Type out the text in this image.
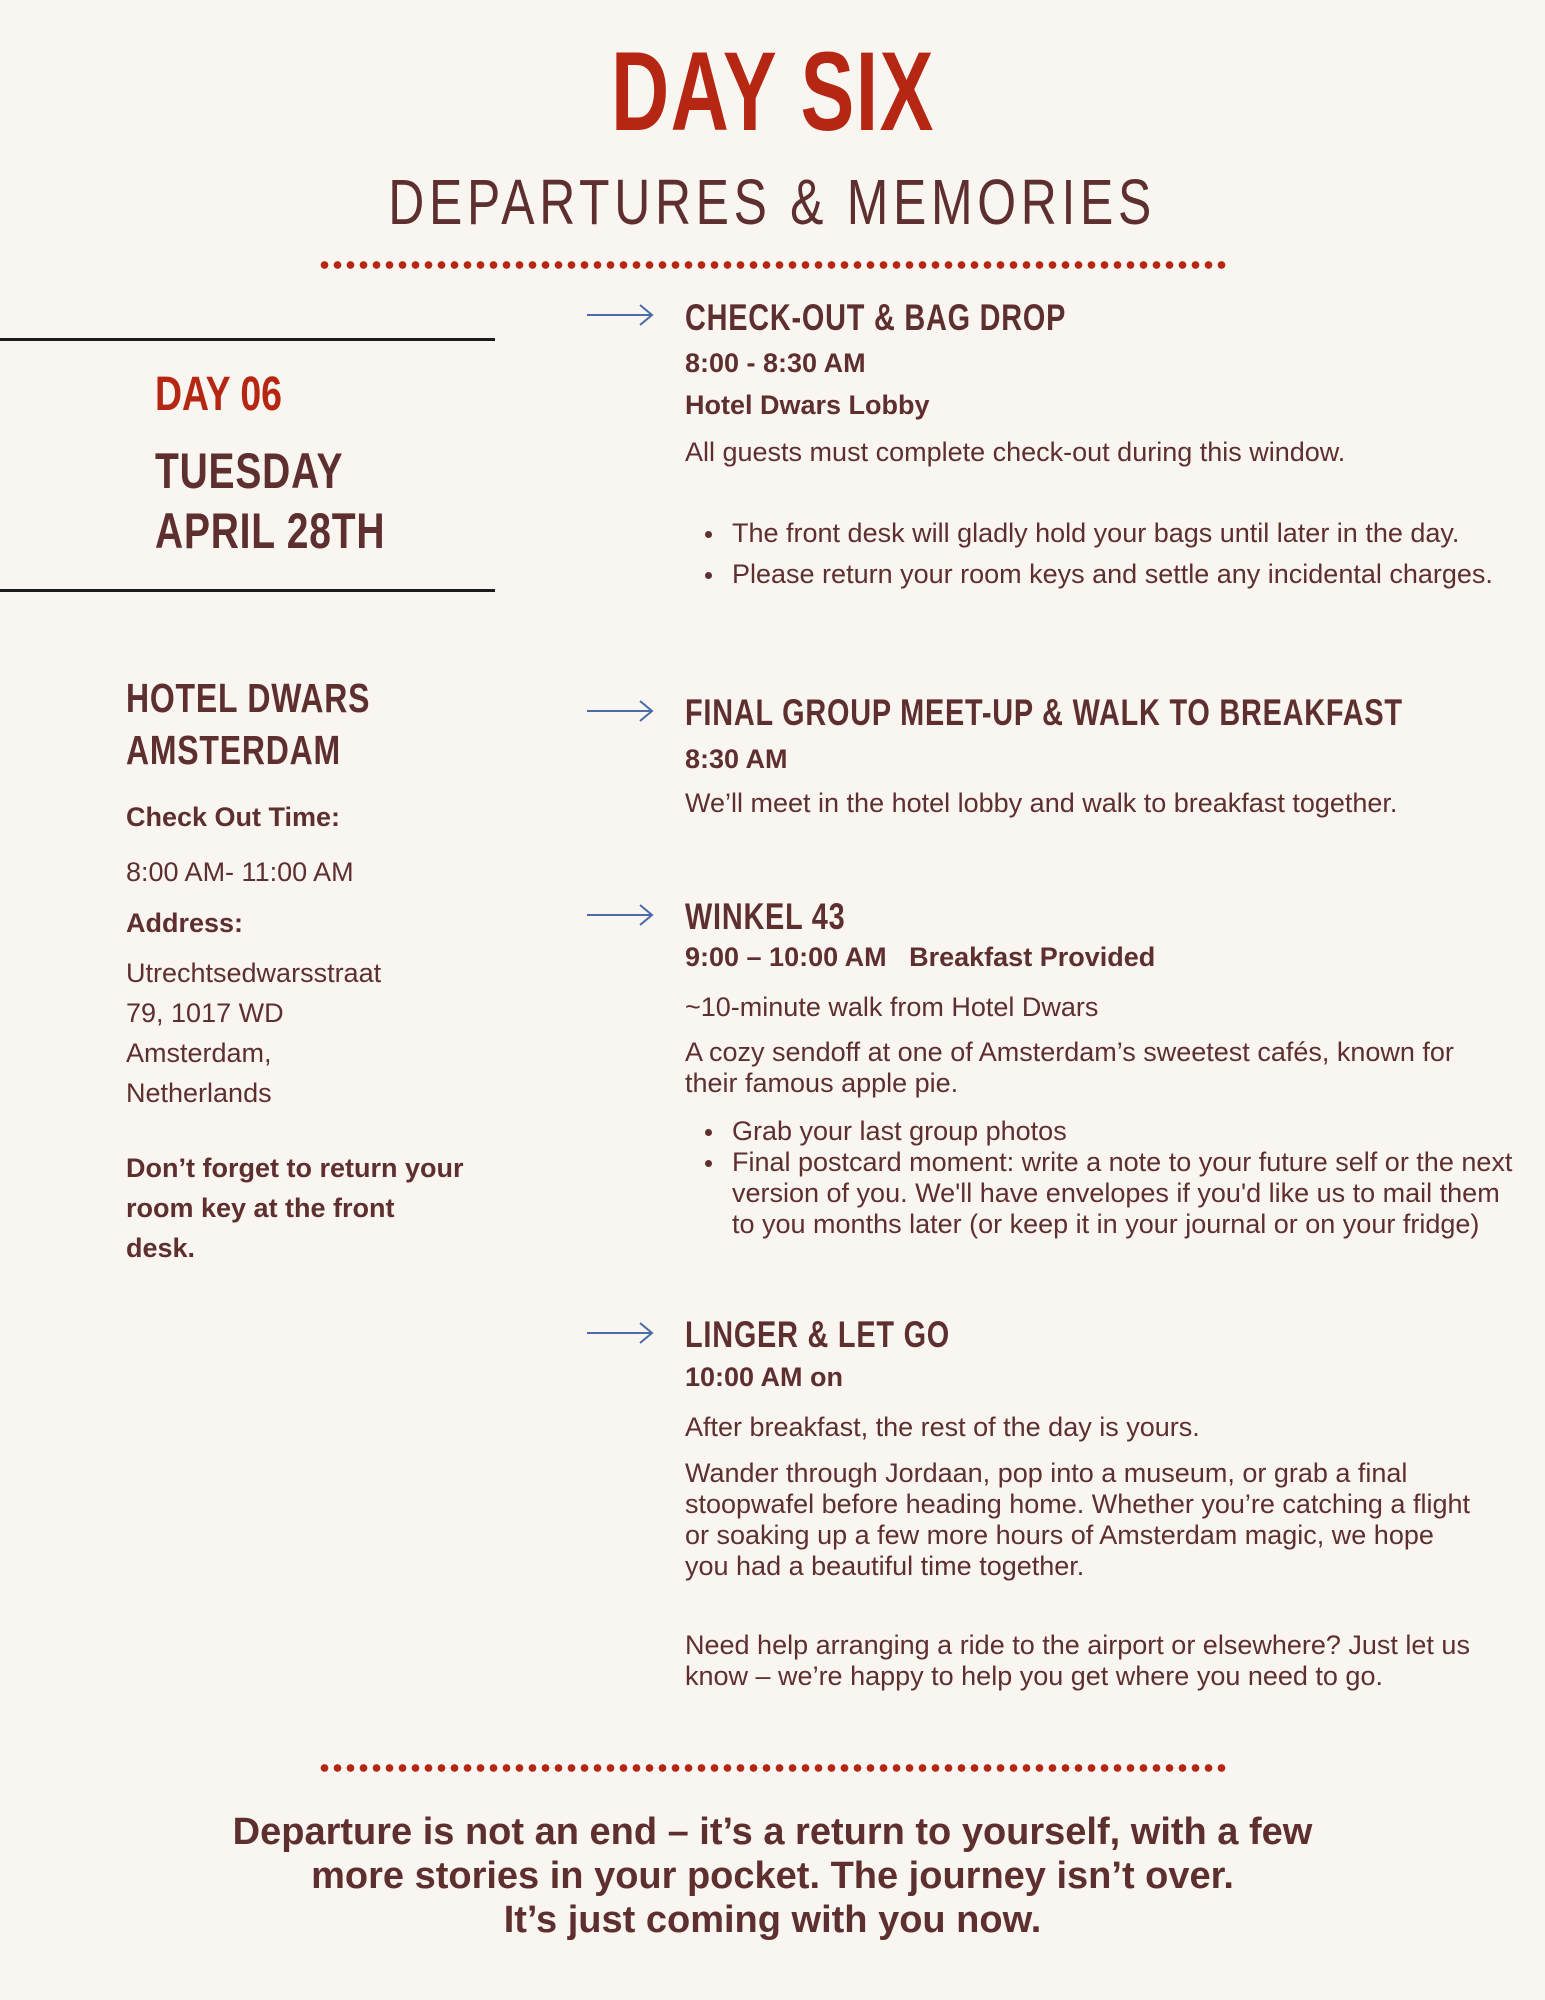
DAY SIX
DEPARTURES & MEMORIES
DAY 06
TUESDAY
APRIL 28TH
HOTEL DWARS
AMSTERDAM
Check Out Time:
8:00 AM- 11:00 AM
Address:
Utrechtsedwarsstraat
79, 1017 WD
Amsterdam,
Netherlands
Don’t forget to return your room key at the front desk.
CHECK-OUT & BAG DROP
8:00 - 8:30 AM
Hotel Dwars Lobby
All guests must complete check-out during this window.
The front desk will gladly hold your bags until later in the day.
Please return your room keys and settle any incidental charges.
FINAL GROUP MEET-UP & WALK TO BREAKFAST
8:30 AM
We’ll meet in the hotel lobby and walk to breakfast together.
WINKEL 43
9:00 – 10:00 AM Breakfast Provided
~10-minute walk from Hotel Dwars
A cozy sendoff at one of Amsterdam’s sweetest cafés, known for their famous apple pie.
Grab your last group photos
Final postcard moment: write a note to your future self or the next version of you. We'll have envelopes if you'd like us to mail them to you months later (or keep it in your journal or on your fridge)
LINGER & LET GO
10:00 AM on
After breakfast, the rest of the day is yours.
Wander through Jordaan, pop into a museum, or grab a final stoopwafel before heading home. Whether you’re catching a flight or soaking up a few more hours of Amsterdam magic, we hope you had a beautiful time together.
Need help arranging a ride to the airport or elsewhere? Just let us know – we’re happy to help you get where you need to go.
Departure is not an end – it’s a return to yourself, with a few
more stories in your pocket. The journey isn’t over.
It’s just coming with you now.
